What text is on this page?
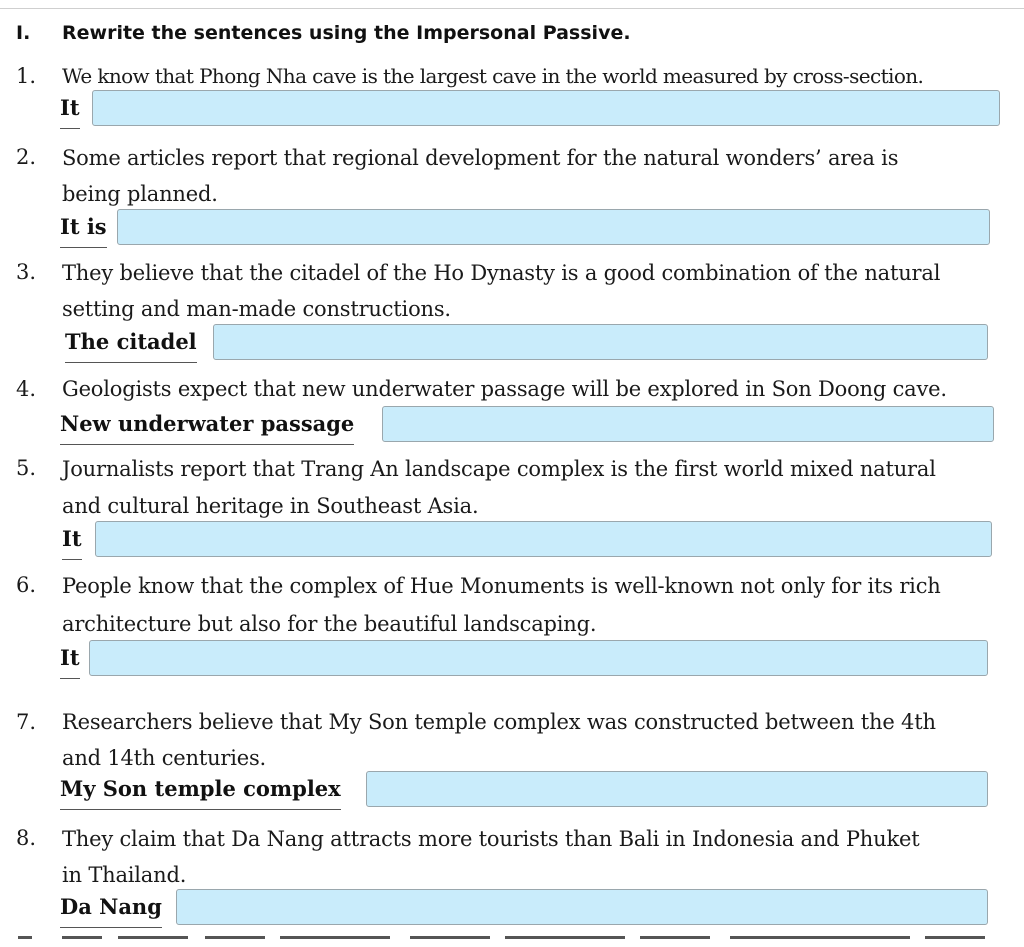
I. Rewrite the sentences using the Impersonal Passive.
1. We know that Phong Nha cave is the largest cave in the world measured by cross-section.
It
2. Some articles report that regional development for the natural wonders’ area is
being planned.
It is
3. They believe that the citadel of the Ho Dynasty is a good combination of the natural
setting and man-made constructions.
The citadel
4. Geologists expect that new underwater passage will be explored in Son Doong cave.
New underwater passage
5. Journalists report that Trang An landscape complex is the first world mixed natural
and cultural heritage in Southeast Asia.
It
6. People know that the complex of Hue Monuments is well-known not only for its rich
architecture but also for the beautiful landscaping.
It
7. Researchers believe that My Son temple complex was constructed between the 4th
and 14th centuries.
My Son temple complex
8. They claim that Da Nang attracts more tourists than Bali in Indonesia and Phuket
in Thailand.
Da Nang
